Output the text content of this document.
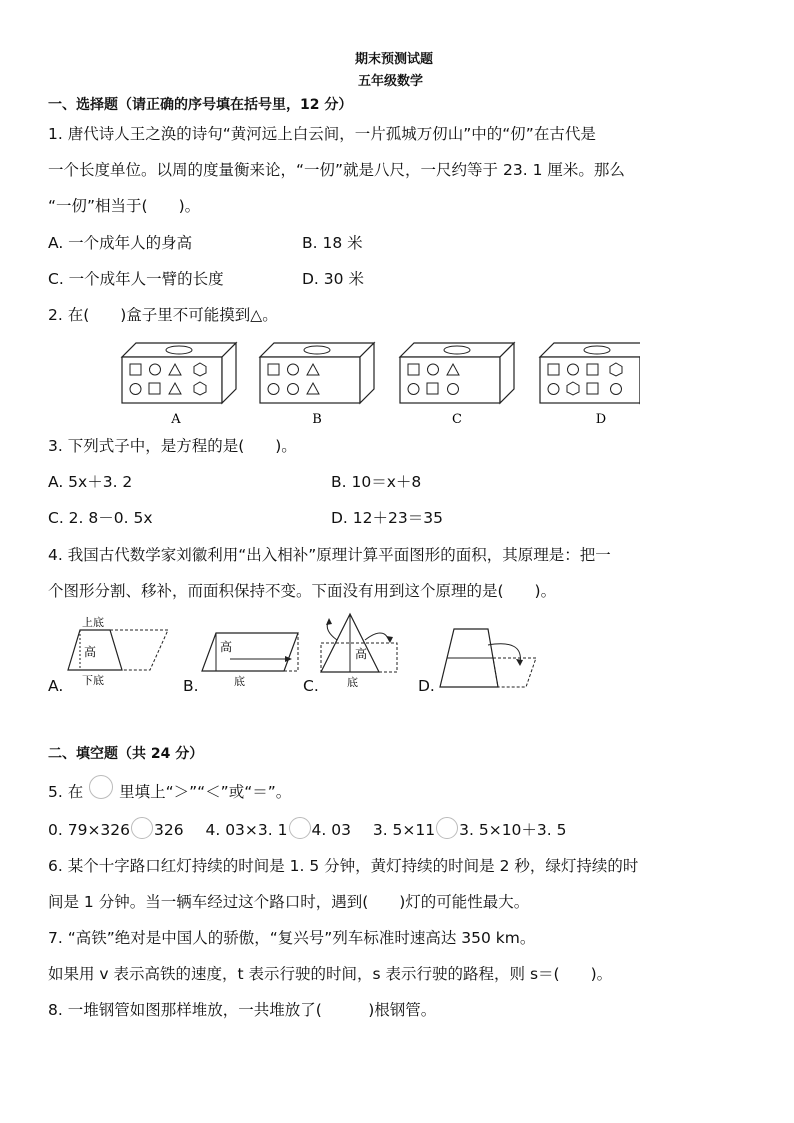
期末预测试题
五年级数学
一、选择题（请正确的序号填在括号里，12 分）
1. 唐代诗人王之涣的诗句“黄河远上白云间，一片孤城万仞山”中的“仞”在古代是
一个长度单位。以周的度量衡来论，“一仞”就是八尺，一尺约等于 23. 1 厘米。那么
“一仞”相当于(　　)。
A. 一个成年人的身高	B. 18 米
C. 一个成年人一臂的长度	D. 30 米
2. 在(　　)盒子里不可能摸到△。
A	B	C	D
3. 下列式子中，是方程的是(　　)。
A. 5x＋3. 2	B. 10＝x＋8
C. 2. 8－0. 5x	D. 12＋23＝35
4. 我国古代数学家刘徽利用“出入相补”原理计算平面图形的面积，其原理是：把一
个图形分割、移补，而面积保持不变。下面没有用到这个原理的是(　　)。
A.	B.	C.	D.
上底
高
下底
高
底
高
底
二、填空题（共 24 分）
5. 在 里填上“＞”“＜”或“＝”。
0. 79×326 326 4. 03×3. 1 4. 03 3. 5×11 3. 5×10＋3. 5
6. 某个十字路口红灯持续的时间是 1. 5 分钟，黄灯持续的时间是 2 秒，绿灯持续的时
间是 1 分钟。当一辆车经过这个路口时，遇到(　　)灯的可能性最大。
7. “高铁”绝对是中国人的骄傲，“复兴号”列车标准时速高达 350 km。
如果用 v 表示高铁的速度，t 表示行驶的时间，s 表示行驶的路程，则 s＝(　　)。
8. 一堆钢管如图那样堆放，一共堆放了(　　　)根钢管。
